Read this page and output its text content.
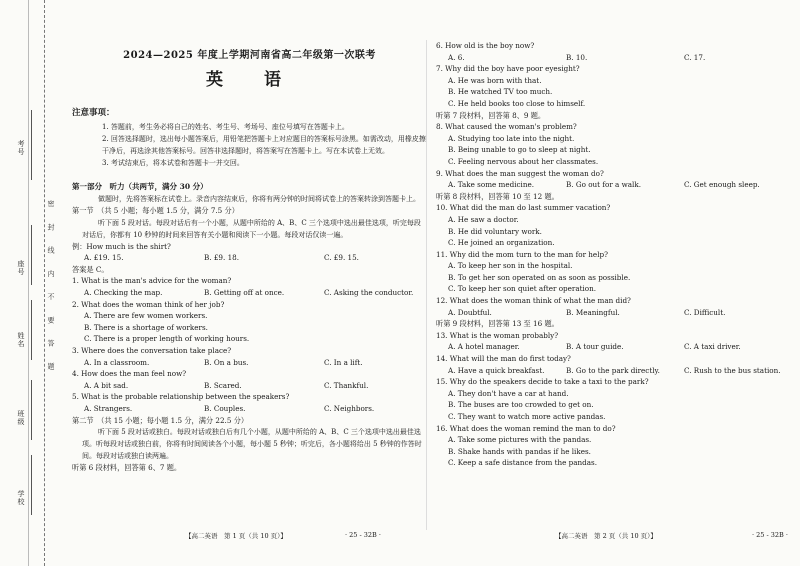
考号
座号
姓名
班级
学校
密 封 线 内 不 要 答 题
2024—2025 年度上学期河南省高二年级第一次联考
英　语
注意事项：
1. 答题前，考生务必将自己的姓名、考生号、考场号、座位号填写在答题卡上。
2. 回答选择题时，选出每小题答案后，用铅笔把答题卡上对应题目的答案标号涂黑。如需改动，用橡皮擦干净后，再选涂其他答案标号。回答非选择题时，将答案写在答题卡上。写在本试卷上无效。
3. 考试结束后，将本试卷和答题卡一并交回。
第一部分　听力（共两节，满分 30 分）
做题时，先将答案标在试卷上。录音内容结束后，你将有两分钟的时间将试卷上的答案转涂到答题卡上。
第一节　（共 5 小题；每小题 1.5 分，满分 7.5 分）
听下面 5 段对话。每段对话后有一个小题，从题中所给的 A、B、C 三个选项中选出最佳选项，听完每段对话后，你都有 10 秒钟的时间来回答有关小题和阅读下一小题。每段对话仅读一遍。
例：How much is the shirt?
A. £19. 15.	B. £9. 18.	C. £9. 15.
答案是 C。
1. What is the man's advice for the woman?
A. Checking the map.	B. Getting off at once.	C. Asking the conductor.
2. What does the woman think of her job?
A. There are few women workers.
B. There is a shortage of workers.
C. There is a proper length of working hours.
3. Where does the conversation take place?
A. In a classroom.	B. On a bus.	C. In a lift.
4. How does the man feel now?
A. A bit sad.	B. Scared.	C. Thankful.
5. What is the probable relationship between the speakers?
A. Strangers.	B. Couples.	C. Neighbors.
第二节　（共 15 小题；每小题 1.5 分，满分 22.5 分）
听下面 5 段对话或独白。每段对话或独白后有几个小题，从题中所给的 A、B、C 三个选项中选出最佳选项。听每段对话或独白前，你将有时间阅读各个小题，每小题 5 秒钟；听完后，各小题将给出 5 秒钟的作答时间。每段对话或独白读两遍。
听第 6 段材料，回答第 6、7 题。
6. How old is the boy now?
A. 6.	B. 10.	C. 17.
7. Why did the boy have poor eyesight?
A. He was born with that.
B. He watched TV too much.
C. He held books too close to himself.
听第 7 段材料，回答第 8、9 题。
8. What caused the woman's problem?
A. Studying too late into the night.
B. Being unable to go to sleep at night.
C. Feeling nervous about her classmates.
9. What does the man suggest the woman do?
A. Take some medicine.	B. Go out for a walk.	C. Get enough sleep.
听第 8 段材料，回答第 10 至 12 题。
10. What did the man do last summer vacation?
A. He saw a doctor.
B. He did voluntary work.
C. He joined an organization.
11. Why did the mom turn to the man for help?
A. To keep her son in the hospital.
B. To get her son operated on as soon as possible.
C. To keep her son quiet after operation.
12. What does the woman think of what the man did?
A. Doubtful.	B. Meaningful.	C. Difficult.
听第 9 段材料，回答第 13 至 16 题。
13. What is the woman probably?
A. A hotel manager.	B. A tour guide.	C. A taxi driver.
14. What will the man do first today?
A. Have a quick breakfast.	B. Go to the park directly.	C. Rush to the bus station.
15. Why do the speakers decide to take a taxi to the park?
A. They don't have a car at hand.
B. The buses are too crowded to get on.
C. They want to watch more active pandas.
16. What does the woman remind the man to do?
A. Take some pictures with the pandas.
B. Shake hands with pandas if he likes.
C. Keep a safe distance from the pandas.
【高二英语　第 1 页（共 10 页）】	· 25 - 32B ·	【高二英语　第 2 页（共 10 页）】	· 25 - 32B ·
